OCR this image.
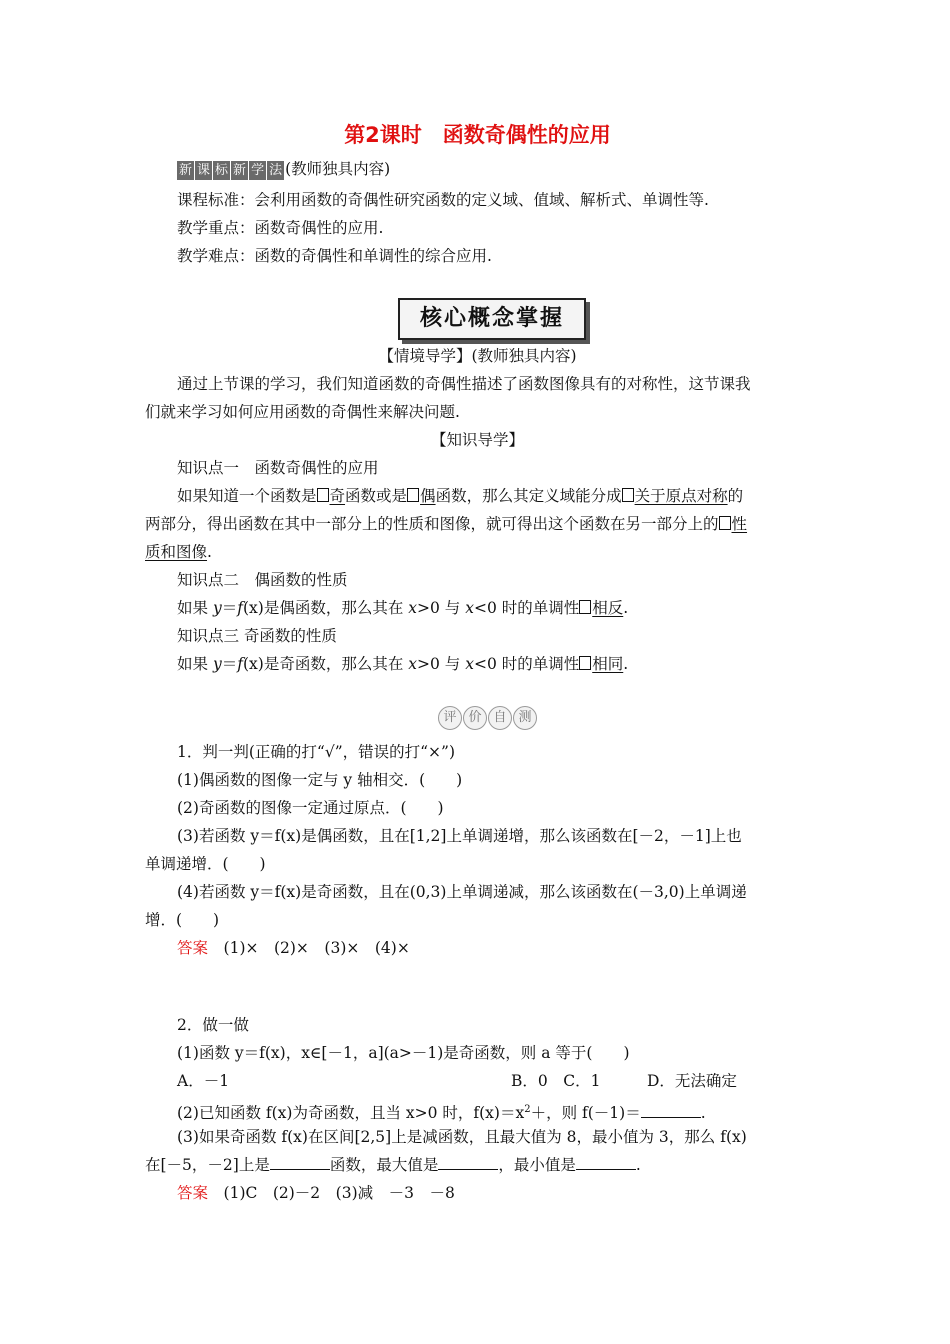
第2课时　函数奇偶性的应用
新 课 标 新 学 法 (教师独具内容)
课程标准：会利用函数的奇偶性研究函数的定义域、值域、解析式、单调性等.
教学重点：函数奇偶性的应用.
教学难点：函数的奇偶性和单调性的综合应用.
核心概念掌握
【情境导学】(教师独具内容)
通过上节课的学习，我们知道函数的奇偶性描述了函数图像具有的对称性，这节课我
们就来学习如何应用函数的奇偶性来解决问题.
【知识导学】
知识点一　函数奇偶性的应用
如果知道一个函数是 奇函数或是 偶函数，那么其定义域能分成 关于原点对称的
两部分，得出函数在其中一部分上的性质和图像，就可得出这个函数在另一部分上的 性
质和图像.
知识点二　偶函数的性质
如果 y＝f(x)是偶函数，那么其在 x>0 与 x<0 时的单调性 相反.
知识点三 奇函数的性质
如果 y＝f(x)是奇函数，那么其在 x>0 与 x<0 时的单调性 相同.
评 价 自 测
1．判一判(正确的打“√”，错误的打“×”)
(1)偶函数的图像一定与 y 轴相交．(　　)
(2)奇函数的图像一定通过原点．(　　)
(3)若函数 y＝f(x)是偶函数，且在[1,2]上单调递增，那么该函数在[－2，－1]上也
单调递增．(　　)
(4)若函数 y＝f(x)是奇函数，且在(0,3)上单调递减，那么该函数在(－3,0)上单调递
增．(　　)
答案　 (1)×　(2)×　(3)×　(4)×
2．做一做
(1)函数 y＝f(x)，x∈[－1，a](a>－1)是奇函数，则 a 等于(　　)
A．－1	B．0　C．1　　　D．无法确定
(2)已知函数 f(x)为奇函数，且当 x>0 时，$f(x)=x^2+$，则 f(－1)＝	.
(3)如果奇函数 f(x)在区间[2,5]上是减函数，且最大值为 8，最小值为 3，那么 f(x)
在[－5，－2]上是	函数，最大值是	，最小值是	.
答案　 (1)C　(2)－2　(3)减　－3　－8
